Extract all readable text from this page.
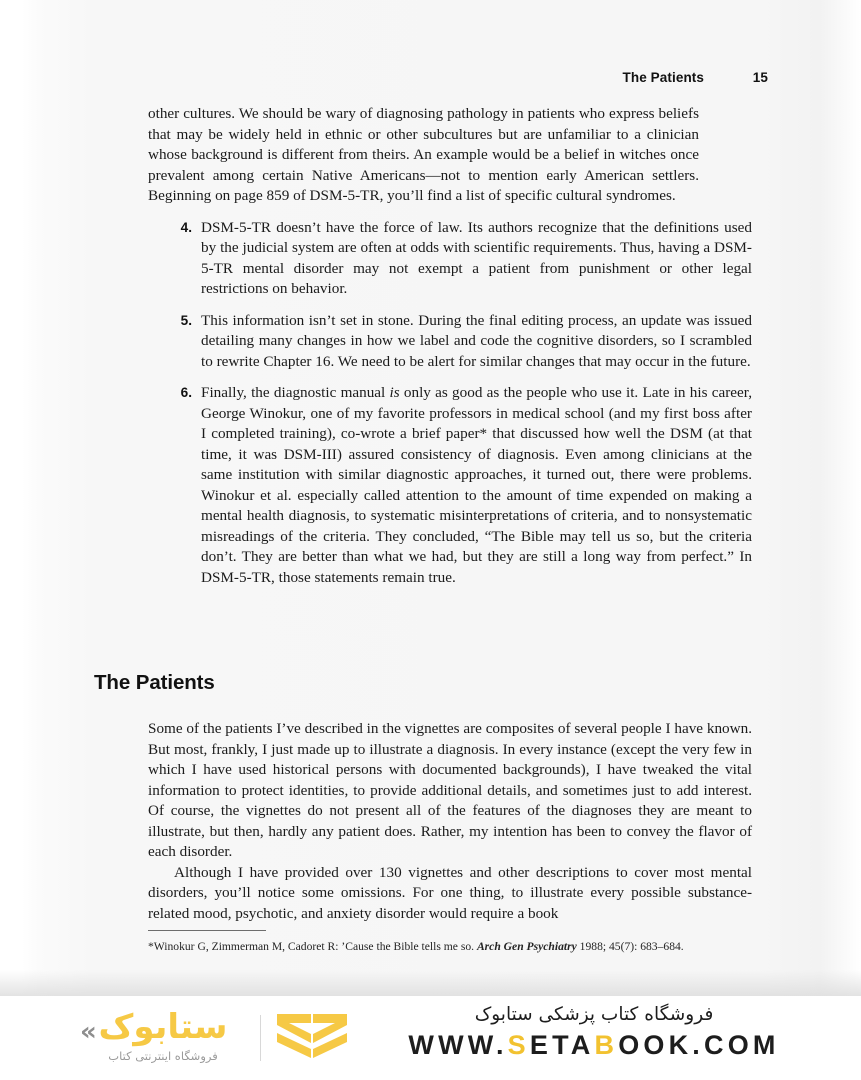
The Patients	15

other cultures. We should be wary of diagnosing pathology in patients who express beliefs that may be widely held in ethnic or other subcultures but are unfamiliar to a clinician whose background is different from theirs. An example would be a belief in witches once prevalent among certain Native Americans—not to mention early American settlers. Beginning on page 859 of DSM-5-TR, you’ll find a list of specific cultural syndromes.

4. DSM-5-TR doesn’t have the force of law. Its authors recognize that the definitions used by the judicial system are often at odds with scientific requirements. Thus, having a DSM-5-TR mental disorder may not exempt a patient from punishment or other legal restrictions on behavior.

5. This information isn’t set in stone. During the final editing process, an update was issued detailing many changes in how we label and code the cognitive disorders, so I scrambled to rewrite Chapter 16. We need to be alert for similar changes that may occur in the future.

6. Finally, the diagnostic manual is only as good as the people who use it. Late in his career, George Winokur, one of my favorite professors in medical school (and my first boss after I completed training), co-wrote a brief paper* that discussed how well the DSM (at that time, it was DSM-III) assured consistency of diagnosis. Even among clinicians at the same institution with similar diagnostic approaches, it turned out, there were problems. Winokur et al. especially called attention to the amount of time expended on making a mental health diagnosis, to systematic misinterpretations of criteria, and to nonsystematic misreadings of the criteria. They concluded, “The Bible may tell us so, but the criteria don’t. They are better than what we had, but they are still a long way from perfect.” In DSM-5-TR, those statements remain true.

The Patients

Some of the patients I’ve described in the vignettes are composites of several people I have known. But most, frankly, I just made up to illustrate a diagnosis. In every instance (except the very few in which I have used historical persons with documented backgrounds), I have tweaked the vital information to protect identities, to provide additional details, and sometimes just to add interest. Of course, the vignettes do not present all of the features of the diagnoses they are meant to illustrate, but then, hardly any patient does. Rather, my intention has been to convey the flavor of each disorder.

Although I have provided over 130 vignettes and other descriptions to cover most mental disorders, you’ll notice some omissions. For one thing, to illustrate every possible substance-related mood, psychotic, and anxiety disorder would require a book

*Winokur G, Zimmerman M, Cadoret R: ’Cause the Bible tells me so. Arch Gen Psychiatry 1988; 45(7): 683–684.

ستابوک
«
فروشگاه اینترنتی کتاب
فروشگاه کتاب پزشکی ستابوک
WWW.SETABOOK.COM
